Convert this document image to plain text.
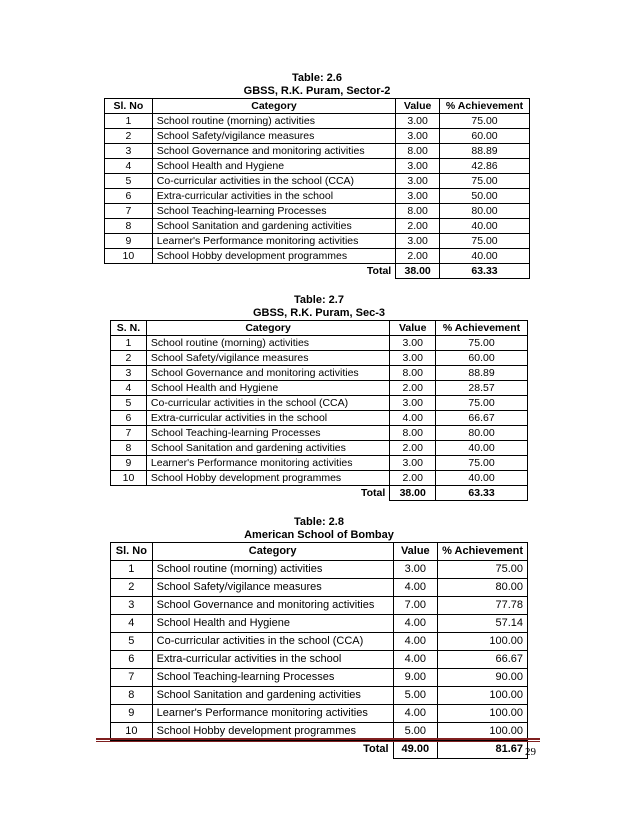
Table: 2.6
GBSS, R.K. Puram, Sector-2
Sl. No	Category	Value	% Achievement
1	School routine (morning) activities	3.00	75.00
2	School Safety/vigilance measures	3.00	60.00
3	School Governance and monitoring activities	8.00	88.89
4	School Health and Hygiene	3.00	42.86
5	Co-curricular activities in the school (CCA)	3.00	75.00
6	Extra-curricular activities in the school	3.00	50.00
7	School Teaching-learning Processes	8.00	80.00
8	School Sanitation and gardening activities	2.00	40.00
9	Learner's Performance monitoring activities	3.00	75.00
10	School Hobby development programmes	2.00	40.00
	Total	38.00	63.33
Table: 2.7
GBSS, R.K. Puram, Sec-3
S. N.	Category	Value	% Achievement
1	School routine (morning) activities	3.00	75.00
2	School Safety/vigilance measures	3.00	60.00
3	School Governance and monitoring activities	8.00	88.89
4	School Health and Hygiene	2.00	28.57
5	Co-curricular activities in the school (CCA)	3.00	75.00
6	Extra-curricular activities in the school	4.00	66.67
7	School Teaching-learning Processes	8.00	80.00
8	School Sanitation and gardening activities	2.00	40.00
9	Learner's Performance monitoring activities	3.00	75.00
10	School Hobby development programmes	2.00	40.00
	Total	38.00	63.33
Table: 2.8
American School of Bombay
Sl. No	Category	Value	% Achievement
1	School routine (morning) activities	3.00	75.00
2	School Safety/vigilance measures	4.00	80.00
3	School Governance and monitoring activities	7.00	77.78
4	School Health and Hygiene	4.00	57.14
5	Co-curricular activities in the school (CCA)	4.00	100.00
6	Extra-curricular activities in the school	4.00	66.67
7	School Teaching-learning Processes	9.00	90.00
8	School Sanitation and gardening activities	5.00	100.00
9	Learner's Performance monitoring activities	4.00	100.00
10	School Hobby development programmes	5.00	100.00
	Total	49.00	81.67 29
